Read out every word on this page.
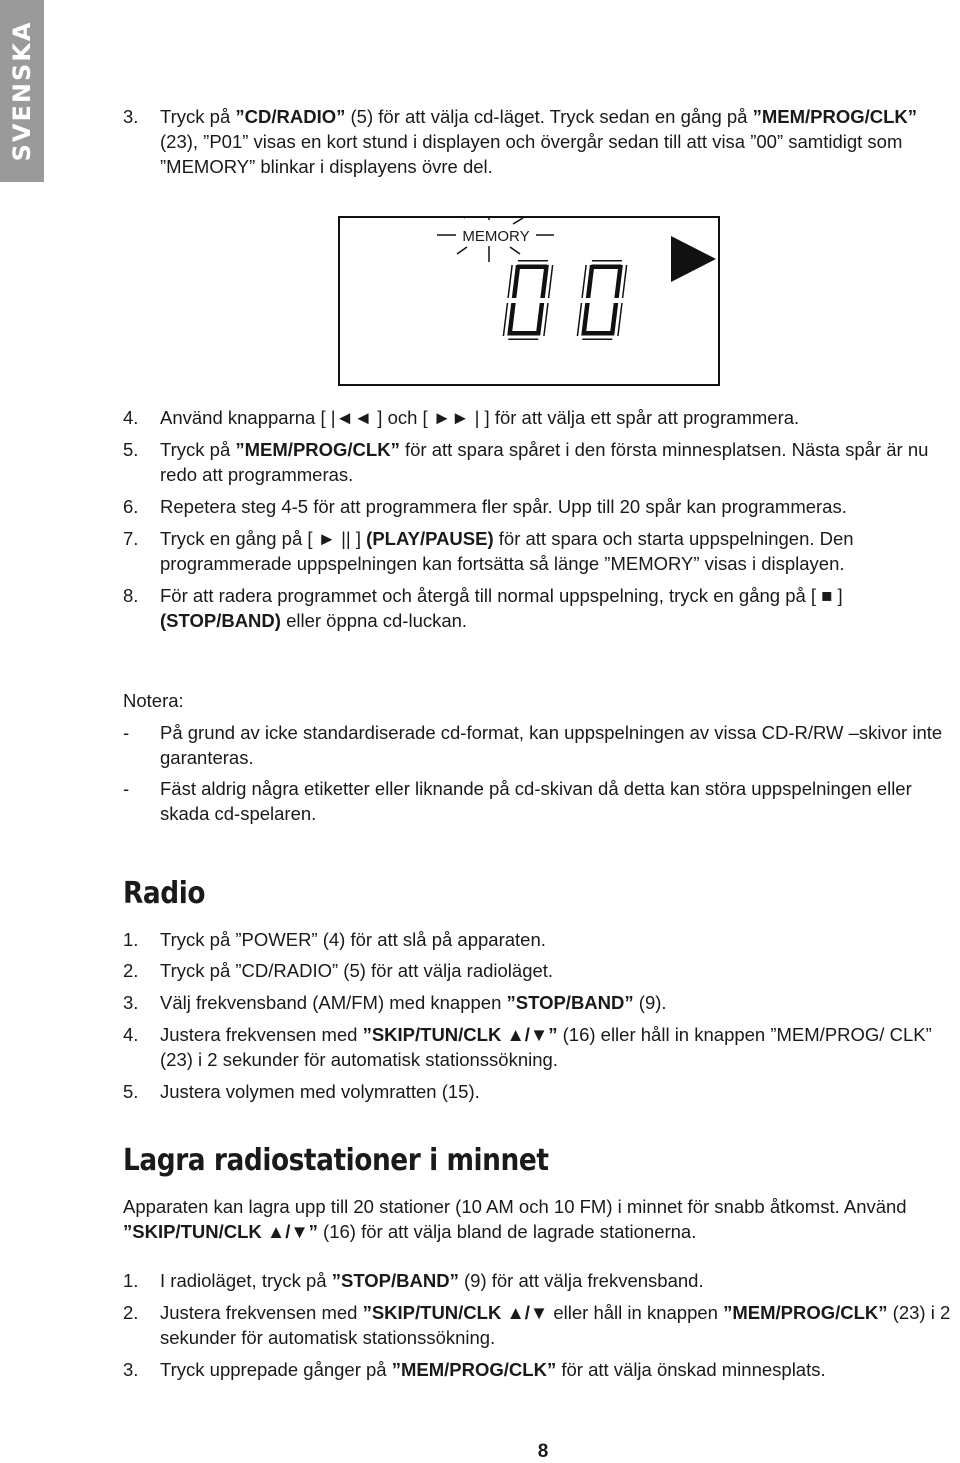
SVENSKA	3. Tryck på ”CD/RADIO” (5) för att välja cd-läget. Tryck sedan en gång på ”MEM/PROG/CLK” (23), ”P01” visas en kort stund i displayen och övergår sedan till att visa ”00” samtidigt som ”MEMORY” blinkar i displayens övre del.
MEMORY
4. Använd knapparna [ |◄◄ ] och [ ►► | ] för att välja ett spår att programmera.
5. Tryck på ”MEM/PROG/CLK” för att spara spåret i den första minnesplatsen. Nästa spår är nu redo att programmeras.
6. Repetera steg 4-5 för att programmera fler spår. Upp till 20 spår kan programmeras.
7. Tryck en gång på [ ► || ] (PLAY/PAUSE) för att spara och starta uppspelningen. Den programmerade uppspelningen kan fortsätta så länge ”MEMORY” visas i displayen.
8. För att radera programmet och återgå till normal uppspelning, tryck en gång på [ ■ ] (STOP/BAND) eller öppna cd-luckan.
Notera:
- På grund av icke standardiserade cd-format, kan uppspelningen av vissa CD-R/RW –skivor inte garanteras.
- Fäst aldrig några etiketter eller liknande på cd-skivan då detta kan störa uppspelningen eller skada cd-spelaren.
Radio
1. Tryck på ”POWER” (4) för att slå på apparaten.
2. Tryck på ”CD/RADIO” (5) för att välja radioläget.
3. Välj frekvensband (AM/FM) med knappen ”STOP/BAND” (9).
4. Justera frekvensen med ”SKIP/TUN/CLK ▲/▼” (16) eller håll in knappen ”MEM/PROG/ CLK” (23) i 2 sekunder för automatisk stationssökning.
5. Justera volymen med volymratten (15).
Lagra radiostationer i minnet
Apparaten kan lagra upp till 20 stationer (10 AM och 10 FM) i minnet för snabb åtkomst. Använd ”SKIP/TUN/CLK ▲/▼” (16) för att välja bland de lagrade stationerna.
1. I radioläget, tryck på ”STOP/BAND” (9) för att välja frekvensband.
2. Justera frekvensen med ”SKIP/TUN/CLK ▲/▼ eller håll in knappen ”MEM/PROG/CLK” (23) i 2 sekunder för automatisk stationssökning.
3. Tryck upprepade gånger på ”MEM/PROG/CLK” för att välja önskad minnesplats.
8
